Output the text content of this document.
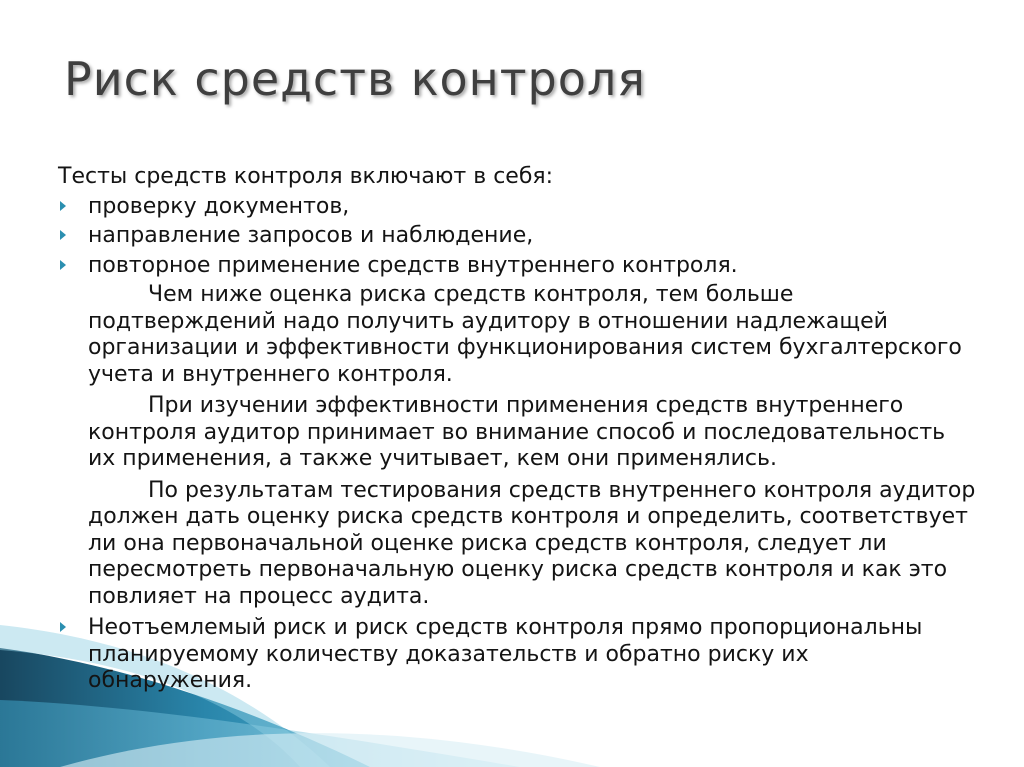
Риск средств контроля

Тесты средств контроля включают в себя:

проверку документов,
направление запросов и наблюдение,
повторное применение средств внутреннего контроля.

Чем ниже оценка риска средств контроля, тем больше подтверждений надо получить аудитору в отношении надлежащей организации и эффективности функционирования систем бухгалтерского учета и внутреннего контроля.

При изучении эффективности применения средств внутреннего контроля аудитор принимает во внимание способ и последовательность их применения, а также учитывает, кем они применялись.

По результатам тестирования средств внутреннего контроля аудитор должен дать оценку риска средств контроля и определить, соответствует ли она первоначальной оценке риска средств контроля, следует ли пересмотреть первоначальную оценку риска средств контроля и как это повлияет на процесс аудита.

Неотъемлемый риск и риск средств контроля прямо пропорциональны планируемому количеству доказательств и обратно риску их обнаружения.
